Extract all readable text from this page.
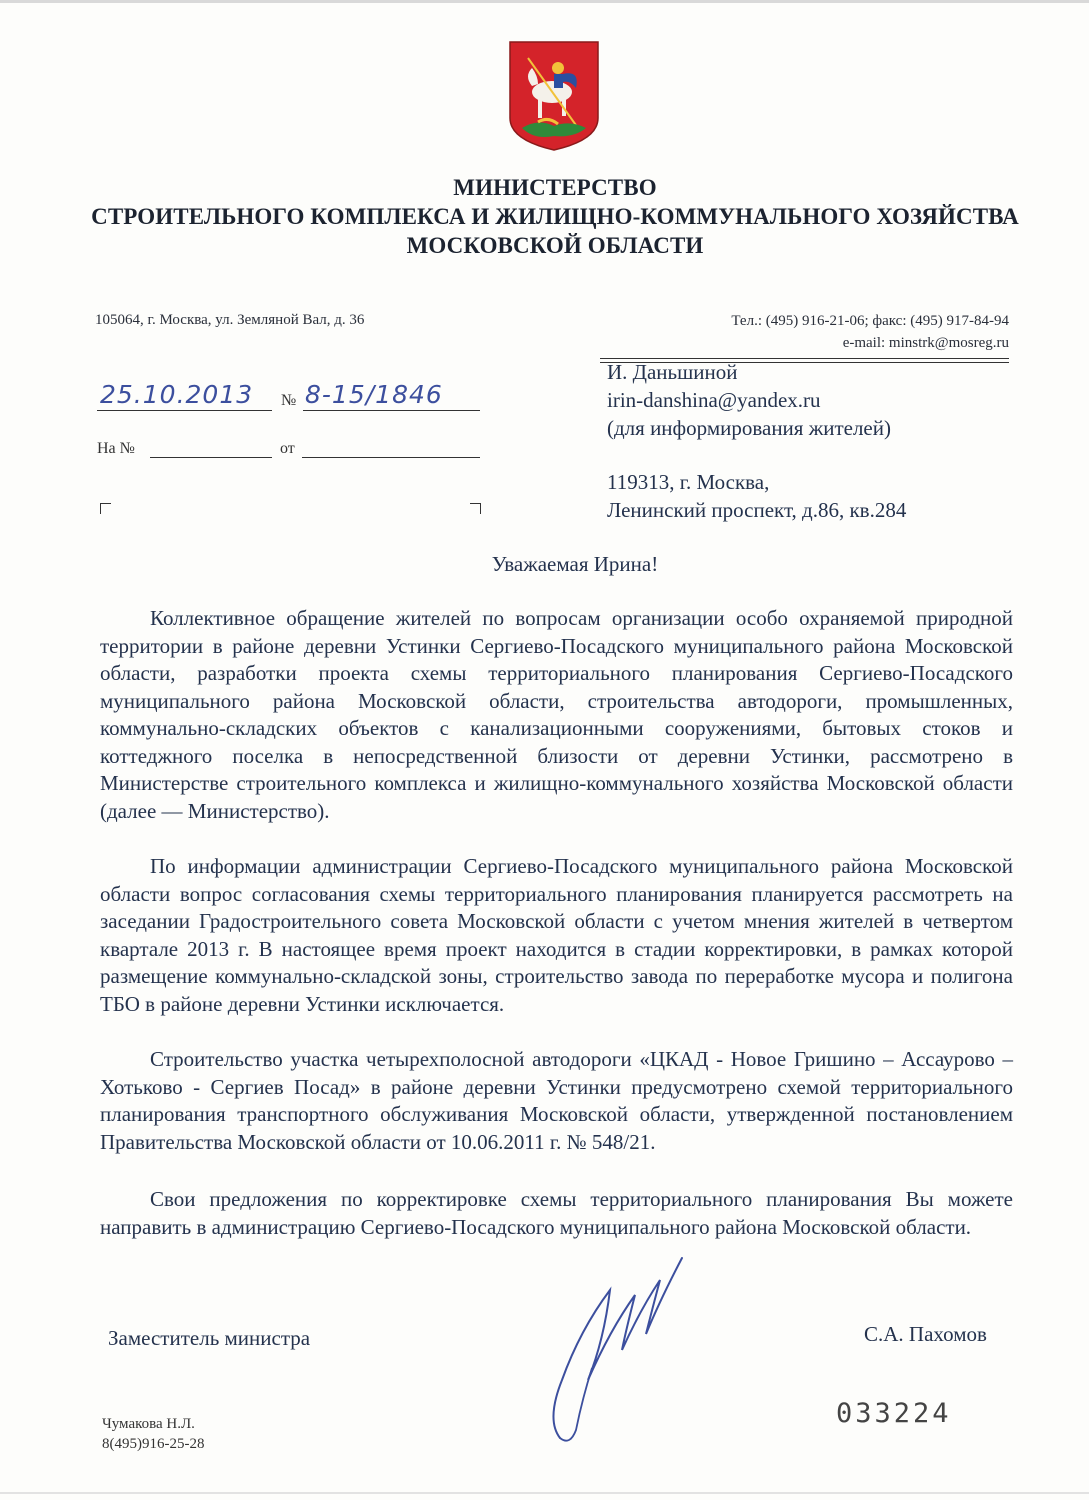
МИНИСТЕРСТВО
СТРОИТЕЛЬНОГО КОМПЛЕКСА И ЖИЛИЩНО-КОММУНАЛЬНОГО ХОЗЯЙСТВА
МОСКОВСКОЙ ОБЛАСТИ
105064, г. Москва, ул. Земляной Вал, д. 36	Тел.: (495) 916-21-06; факс: (495) 917-84-94
e-mail: minstrk@mosreg.ru
25.10.2013 № 8-15/1846
На №	от
И. Даньшиной
irin-danshina@yandex.ru
(для информирования жителей)
119313, г. Москва,
Ленинский проспект, д.86, кв.284
Уважаемая Ирина!

Коллективное обращение жителей по вопросам организации особо охраняемой природной территории в районе деревни Устинки Сергиево-Посадского муниципального района Московской области, разработки проекта схемы территориального планирования Сергиево-Посадского муниципального района Московской области, строительства автодороги, промышленных, коммунально-складских объектов с канализационными сооружениями, бытовых стоков и коттеджного поселка в непосредственной близости от деревни Устинки, рассмотрено в Министерстве строительного комплекса и жилищно-коммунального хозяйства Московской области (далее — Министерство).

По информации администрации Сергиево-Посадского муниципального района Московской области вопрос согласования схемы территориального планирования планируется рассмотреть на заседании Градостроительного совета Московской области с учетом мнения жителей в четвертом квартале 2013 г. В настоящее время проект находится в стадии корректировки, в рамках которой размещение коммунально-складской зоны, строительство завода по переработке мусора и полигона ТБО в районе деревни Устинки исключается.

Строительство участка четырехполосной автодороги «ЦКАД - Новое Гришино – Ассаурово – Хотьково - Сергиев Посад» в районе деревни Устинки предусмотрено схемой территориального планирования транспортного обслуживания Московской области, утвержденной постановлением Правительства Московской области от 10.06.2011 г. № 548/21.

Свои предложения по корректировке схемы территориального планирования Вы можете направить в администрацию Сергиево-Посадского муниципального района Московской области.

Заместитель министра	С.А. Пахомов
Чумакова Н.Л.
8(495)916-25-28
033224
